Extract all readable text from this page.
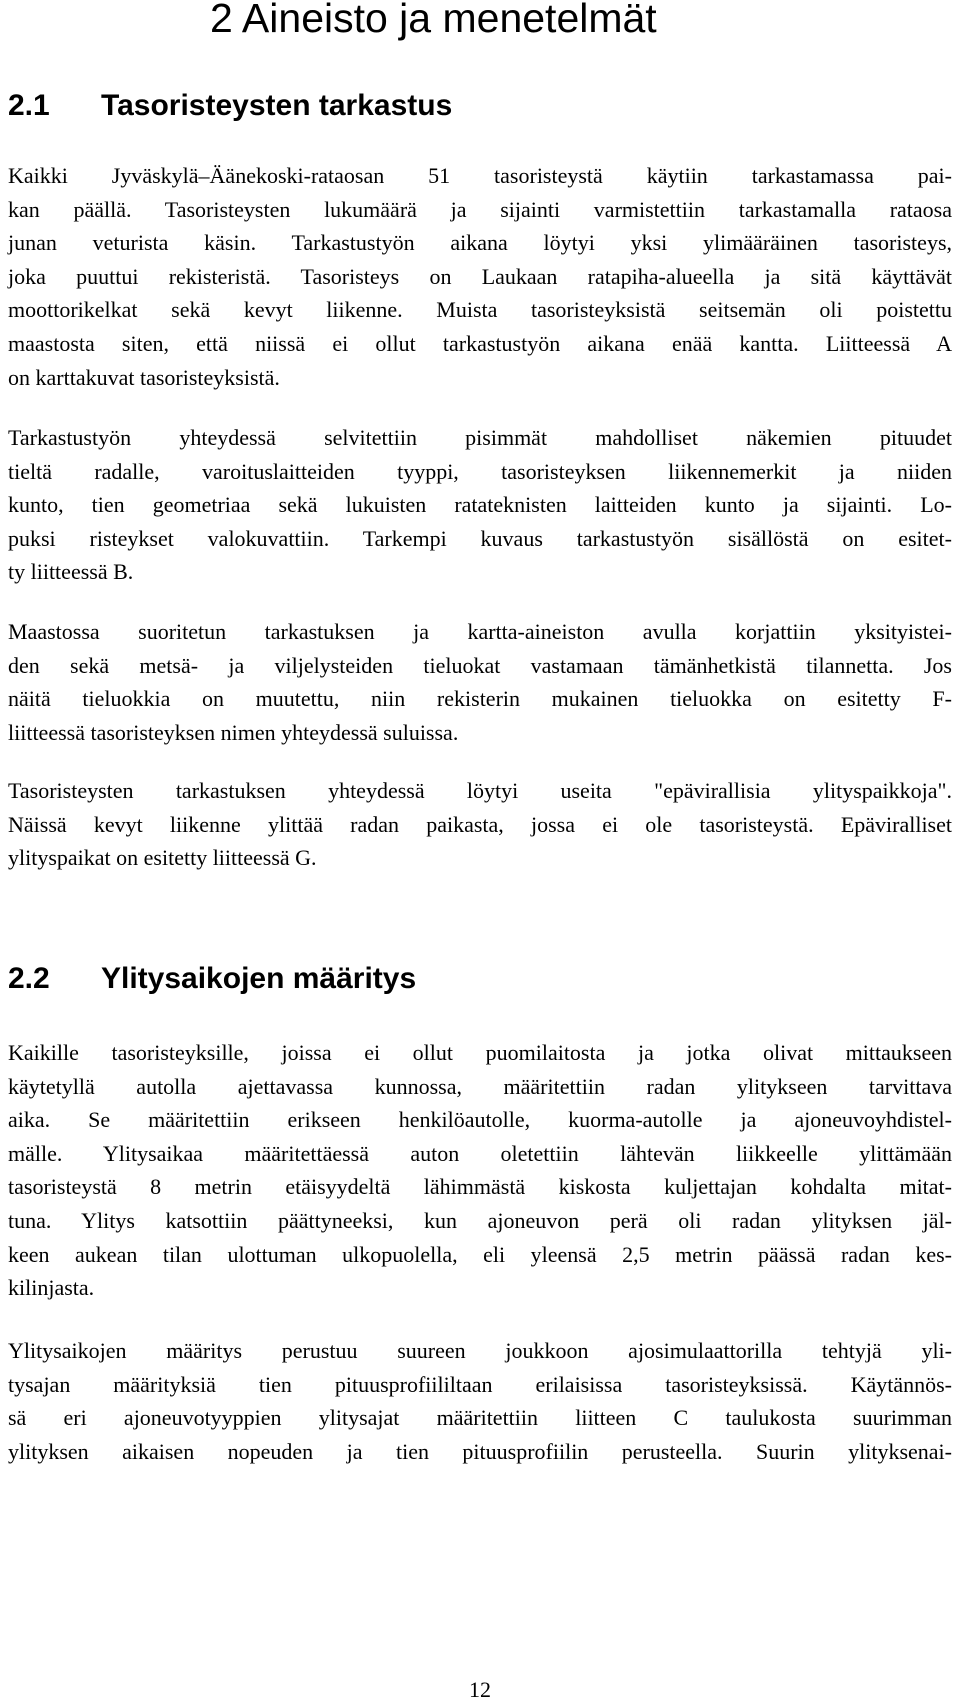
2 Aineisto ja menetelmät
2.1 Tasoristeysten tarkastus

Kaikki Jyväskylä–Äänekoski-rataosan 51 tasoristeystä käytiin tarkastamassa pai-
kan päällä. Tasoristeysten lukumäärä ja sijainti varmistettiin tarkastamalla rataosa
junan veturista käsin. Tarkastustyön aikana löytyi yksi ylimääräinen tasoristeys,
joka puuttui rekisteristä. Tasoristeys on Laukaan ratapiha-alueella ja sitä käyttävät
moottorikelkat sekä kevyt liikenne. Muista tasoristeyksistä seitsemän oli poistettu
maastosta siten, että niissä ei ollut tarkastustyön aikana enää kantta. Liitteessä A
on karttakuvat tasoristeyksistä.

Tarkastustyön yhteydessä selvitettiin pisimmät mahdolliset näkemien pituudet
tieltä radalle, varoituslaitteiden tyyppi, tasoristeyksen liikennemerkit ja niiden
kunto, tien geometriaa sekä lukuisten ratateknisten laitteiden kunto ja sijainti. Lo-
puksi risteykset valokuvattiin. Tarkempi kuvaus tarkastustyön sisällöstä on esitet-
ty liitteessä B.

Maastossa suoritetun tarkastuksen ja kartta-aineiston avulla korjattiin yksityistei-
den sekä metsä- ja viljelysteiden tieluokat vastamaan tämänhetkistä tilannetta. Jos
näitä tieluokkia on muutettu, niin rekisterin mukainen tieluokka on esitetty F-
liitteessä tasoristeyksen nimen yhteydessä suluissa.

Tasoristeysten tarkastuksen yhteydessä löytyi useita "epävirallisia ylityspaikkoja".
Näissä kevyt liikenne ylittää radan paikasta, jossa ei ole tasoristeystä. Epäviralliset
ylityspaikat on esitetty liitteessä G.

2.2 Ylitysaikojen määritys

Kaikille tasoristeyksille, joissa ei ollut puomilaitosta ja jotka olivat mittaukseen
käytetyllä autolla ajettavassa kunnossa, määritettiin radan ylitykseen tarvittava
aika. Se määritettiin erikseen henkilöautolle, kuorma-autolle ja ajoneuvoyhdistel-
mälle. Ylitysaikaa määritettäessä auton oletettiin lähtevän liikkeelle ylittämään
tasoristeystä 8 metrin etäisyydeltä lähimmästä kiskosta kuljettajan kohdalta mitat-
tuna. Ylitys katsottiin päättyneeksi, kun ajoneuvon perä oli radan ylityksen jäl-
keen aukean tilan ulottuman ulkopuolella, eli yleensä 2,5 metrin päässä radan kes-
kilinjasta.

Ylitysaikojen määritys perustuu suureen joukkoon ajosimulaattorilla tehtyjä yli-
tysajan määrityksiä tien pituusprofiililtaan erilaisissa tasoristeyksissä. Käytännös-
sä eri ajoneuvotyyppien ylitysajat määritettiin liitteen C taulukosta suurimman
ylityksen aikaisen nopeuden ja tien pituusprofiilin perusteella. Suurin ylityksenai-

12
